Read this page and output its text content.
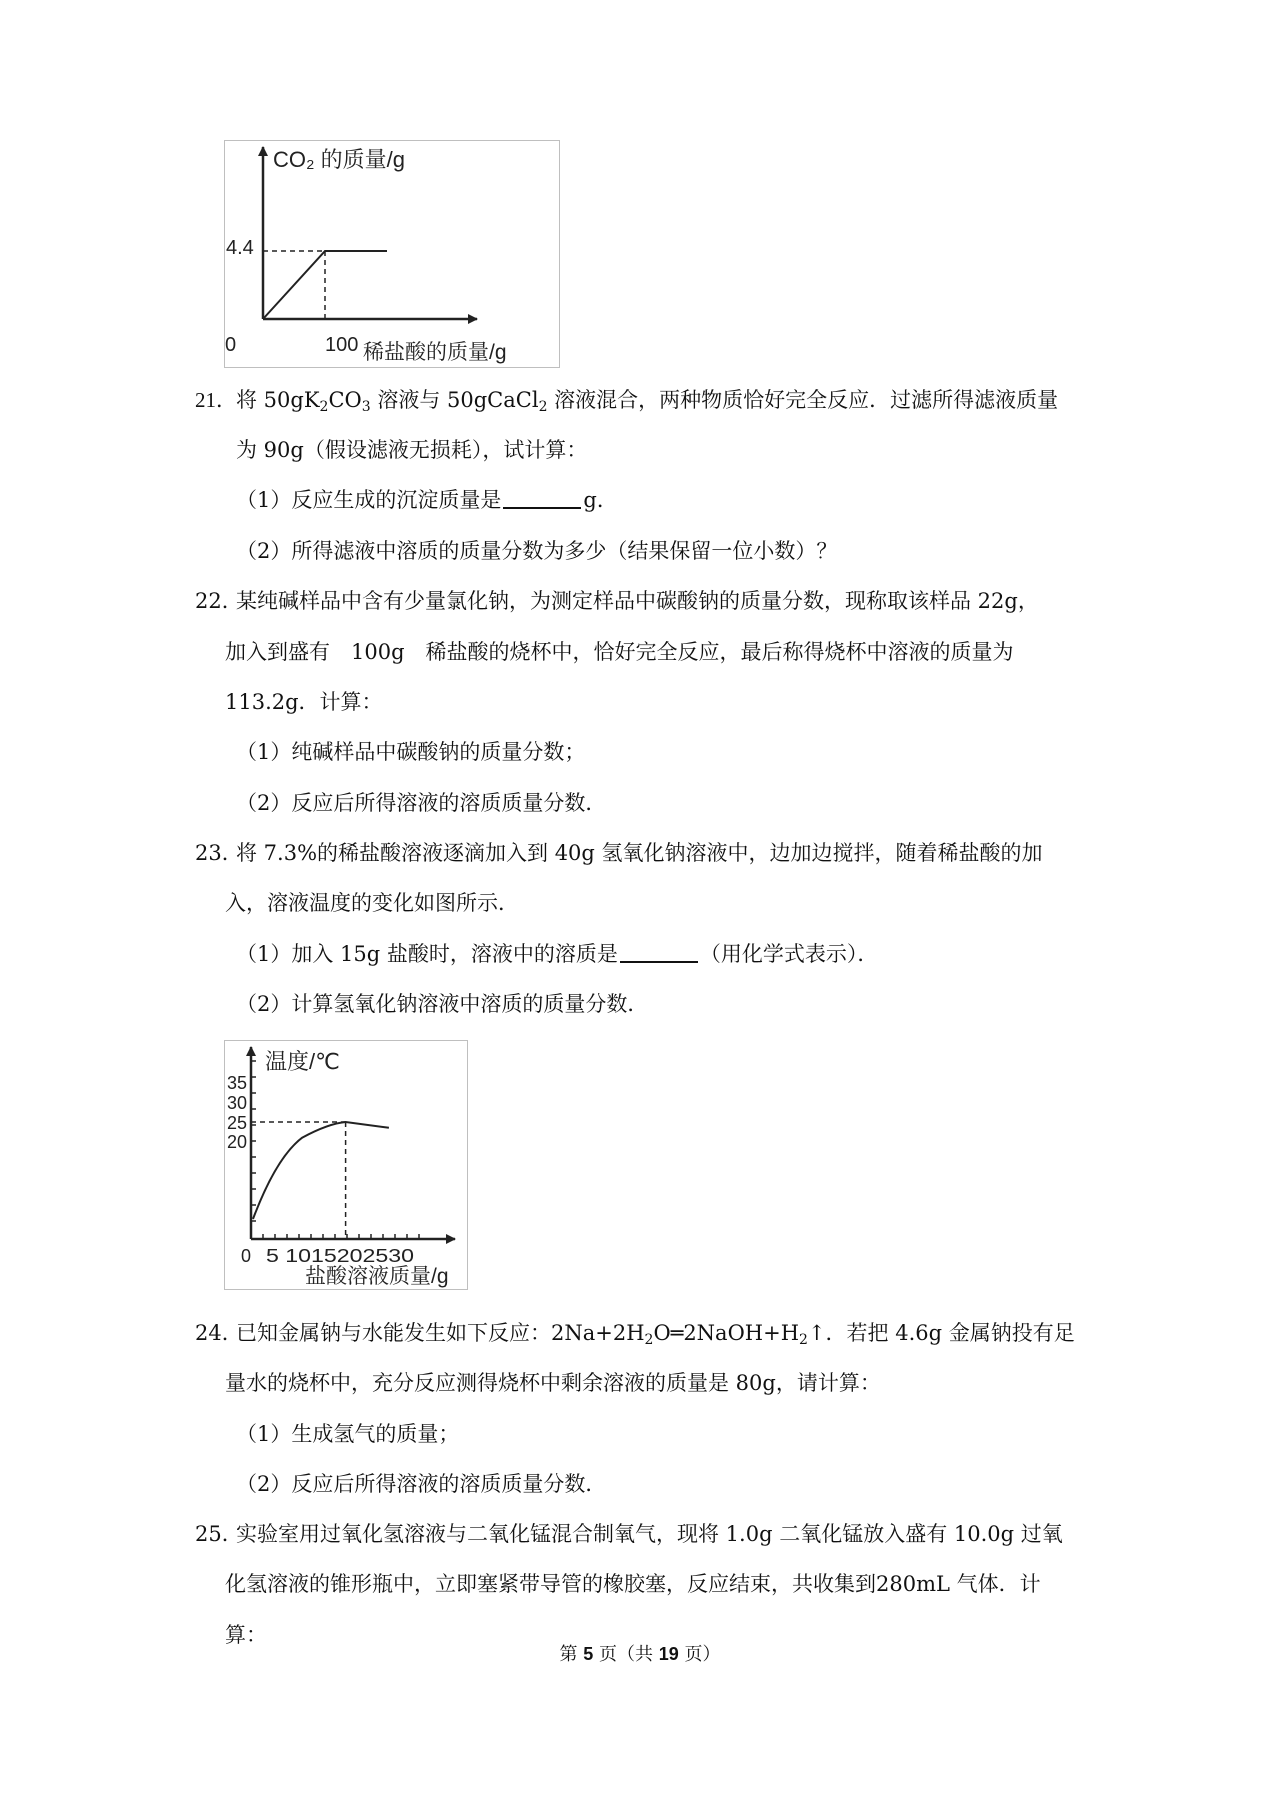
CO₂ 的质量/g
4.4
0	100 稀盐酸的质量/g
温度/℃
35
30
25
20
0 5 1015202530
盐酸溶液质量/g
21． 将 $50gK_2CO_3$ 溶液与 50gCaCl$_2$ 溶液混合，两种物质恰好完全反应．过滤所得滤液质量
为 90g（假设滤液无损耗），试计算：
（1）反应生成的沉淀质量是	g．
（2）所得滤液中溶质的质量分数为多少（结果保留一位小数）？
22．
某纯碱样品中含有少量氯化钠，为测定样品中碳酸钠的质量分数，现称取该样品 22g，
加入到盛有　100g　稀盐酸的烧杯中，恰好完全反应，最后称得烧杯中溶液的质量为
113.2g．计算：
（1）纯碱样品中碳酸钠的质量分数；
（2）反应后所得溶液的溶质质量分数．
23．
将 7.3%的稀盐酸溶液逐滴加入到 40g 氢氧化钠溶液中，边加边搅拌，随着稀盐酸的加
入，溶液温度的变化如图所示．
（1）加入 15g 盐酸时，溶液中的溶质是	（用化学式表示）．
（2）计算氢氧化钠溶液中溶质的质量分数．
24．
已知金属钠与水能发生如下反应：$2Na+2H_2O═2NaOH+H_2↑$．若把 4.6g 金属钠投有足
量水的烧杯中，充分反应测得烧杯中剩余溶液的质量是 80g，请计算：
（1）生成氢气的质量；
（2）反应后所得溶液的溶质质量分数．
25．
实验室用过氧化氢溶液与二氧化锰混合制氧气，现将 1.0g 二氧化锰放入盛有 10.0g 过氧
化氢溶液的锥形瓶中，立即塞紧带导管的橡胶塞，反应结束，共收集到280mL 气体．计
算：
第 5 页（共 19 页）
